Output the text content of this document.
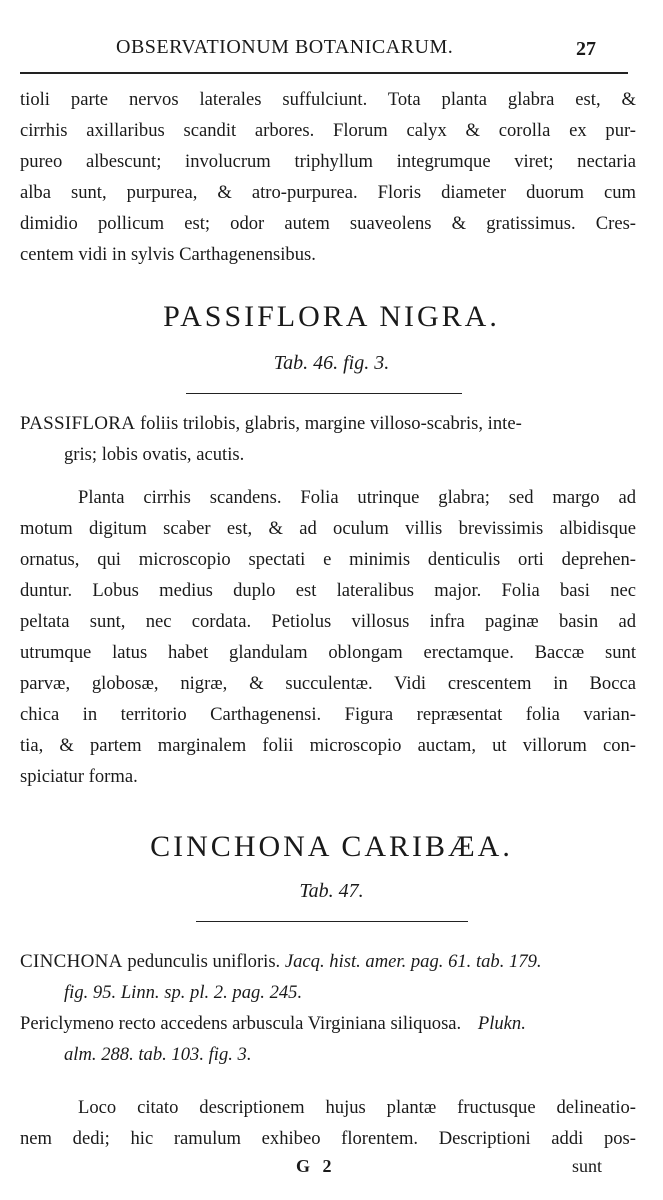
OBSERVATIONUM BOTANICARUM.	27

tioli parte nervos laterales suffulciunt. Tota planta glabra est, &
cirrhis axillaribus scandit arbores. Florum calyx & corolla ex pur-
pureo albescunt; involucrum triphyllum integrumque viret; nectaria
alba sunt, purpurea, & atro-purpurea. Floris diameter duorum cum
dimidio pollicum est; odor autem suaveolens & gratissimus. Cres-
centem vidi in sylvis Carthagenensibus.

PASSIFLORA NIGRA.
Tab. 46. fig. 3.
PASSIFLORA foliis trilobis, glabris, margine villoso-scabris, inte-
gris; lobis ovatis, acutis.

Planta cirrhis scandens. Folia utrinque glabra; sed margo ad
motum digitum scaber est, & ad oculum villis brevissimis albidisque
ornatus, qui microscopio spectati e minimis denticulis orti deprehen-
duntur. Lobus medius duplo est lateralibus major. Folia basi nec
peltata sunt, nec cordata. Petiolus villosus infra paginæ basin ad
utrumque latus habet glandulam oblongam erectamque. Baccæ sunt
parvæ, globosæ, nigræ, & succulentæ. Vidi crescentem in Bocca
chica in territorio Carthagenensi. Figura repræsentat folia varian-
tia, & partem marginalem folii microscopio auctam, ut villorum con-
spiciatur forma.

CINCHONA CARIBÆA.
Tab. 47.
CINCHONA pedunculis unifloris. Jacq. hist. amer. pag. 61. tab. 179.
fig. 95. Linn. sp. pl. 2. pag. 245.
Periclymeno recto accedens arbuscula Virginiana siliquosa. Plukn.
alm. 288. tab. 103. fig. 3.

Loco citato descriptionem hujus plantæ fructusque delineatio-
nem dedi; hic ramulum exhibeo florentem. Descriptioni addi pos-

G 2	sunt
